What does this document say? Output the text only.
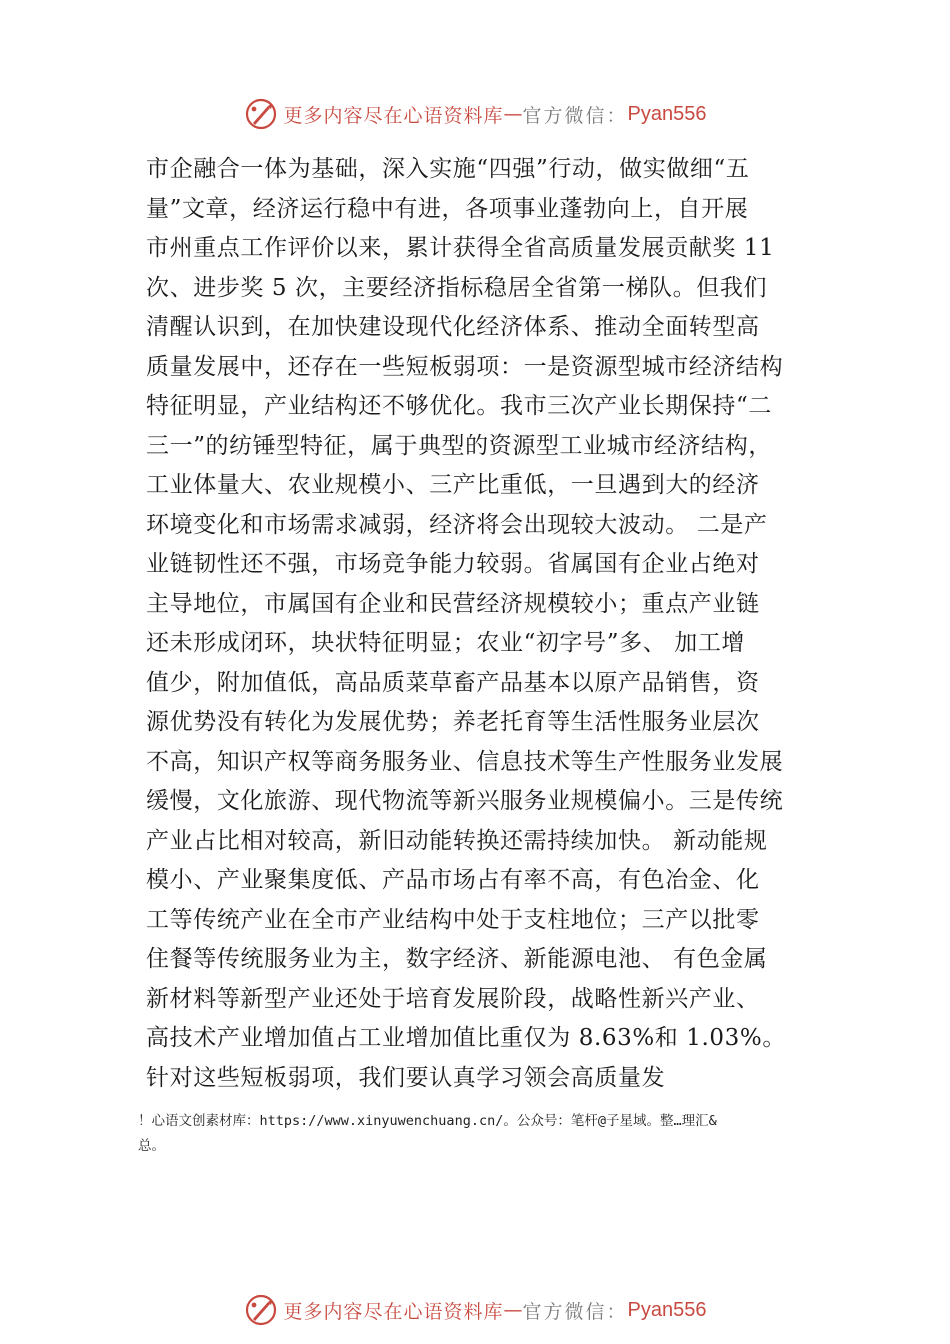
更多内容尽在心语资料库 — 官方微信： Pyan556
市企融合一体为基础，深入实施“四强”行动，做实做细“五
量”文章，经济运行稳中有进，各项事业蓬勃向上，自开展
市州重点工作评价以来，累计获得全省高质量发展贡献奖 11
次、进步奖 5 次，主要经济指标稳居全省第一梯队。但我们
清醒认识到，在加快建设现代化经济体系、推动全面转型高
质量发展中，还存在一些短板弱项：一是资源型城市经济结构
特征明显，产业结构还不够优化。我市三次产业长期保持“二
三一”的纺锤型特征，属于典型的资源型工业城市经济结构，
工业体量大、农业规模小、三产比重低，一旦遇到大的经济
环境变化和市场需求减弱，经济将会出现较大波动。 二是产
业链韧性还不强，市场竞争能力较弱。省属国有企业占绝对
主导地位，市属国有企业和民营经济规模较小；重点产业链
还未形成闭环，块状特征明显；农业“初字号”多、 加工增
值少，附加值低，高品质菜草畜产品基本以原产品销售，资
源优势没有转化为发展优势；养老托育等生活性服务业层次
不高，知识产权等商务服务业、信息技术等生产性服务业发展
缓慢，文化旅游、现代物流等新兴服务业规模偏小。三是传统
产业占比相对较高，新旧动能转换还需持续加快。 新动能规
模小、产业聚集度低、产品市场占有率不高，有色冶金、化
工等传统产业在全市产业结构中处于支柱地位；三产以批零
住餐等传统服务业为主，数字经济、新能源电池、 有色金属
新材料等新型产业还处于培育发展阶段，战略性新兴产业、
高技术产业增加值占工业增加值比重仅为 8.63%和 1.03%。
针对这些短板弱项，我们要认真学习领会高质量发
！心语文创素材库：https://www.xinyuwenchuang.cn/。公众号：笔杆@子星域。整…理汇&
总。
更多内容尽在心语资料库 — 官方微信： Pyan556
